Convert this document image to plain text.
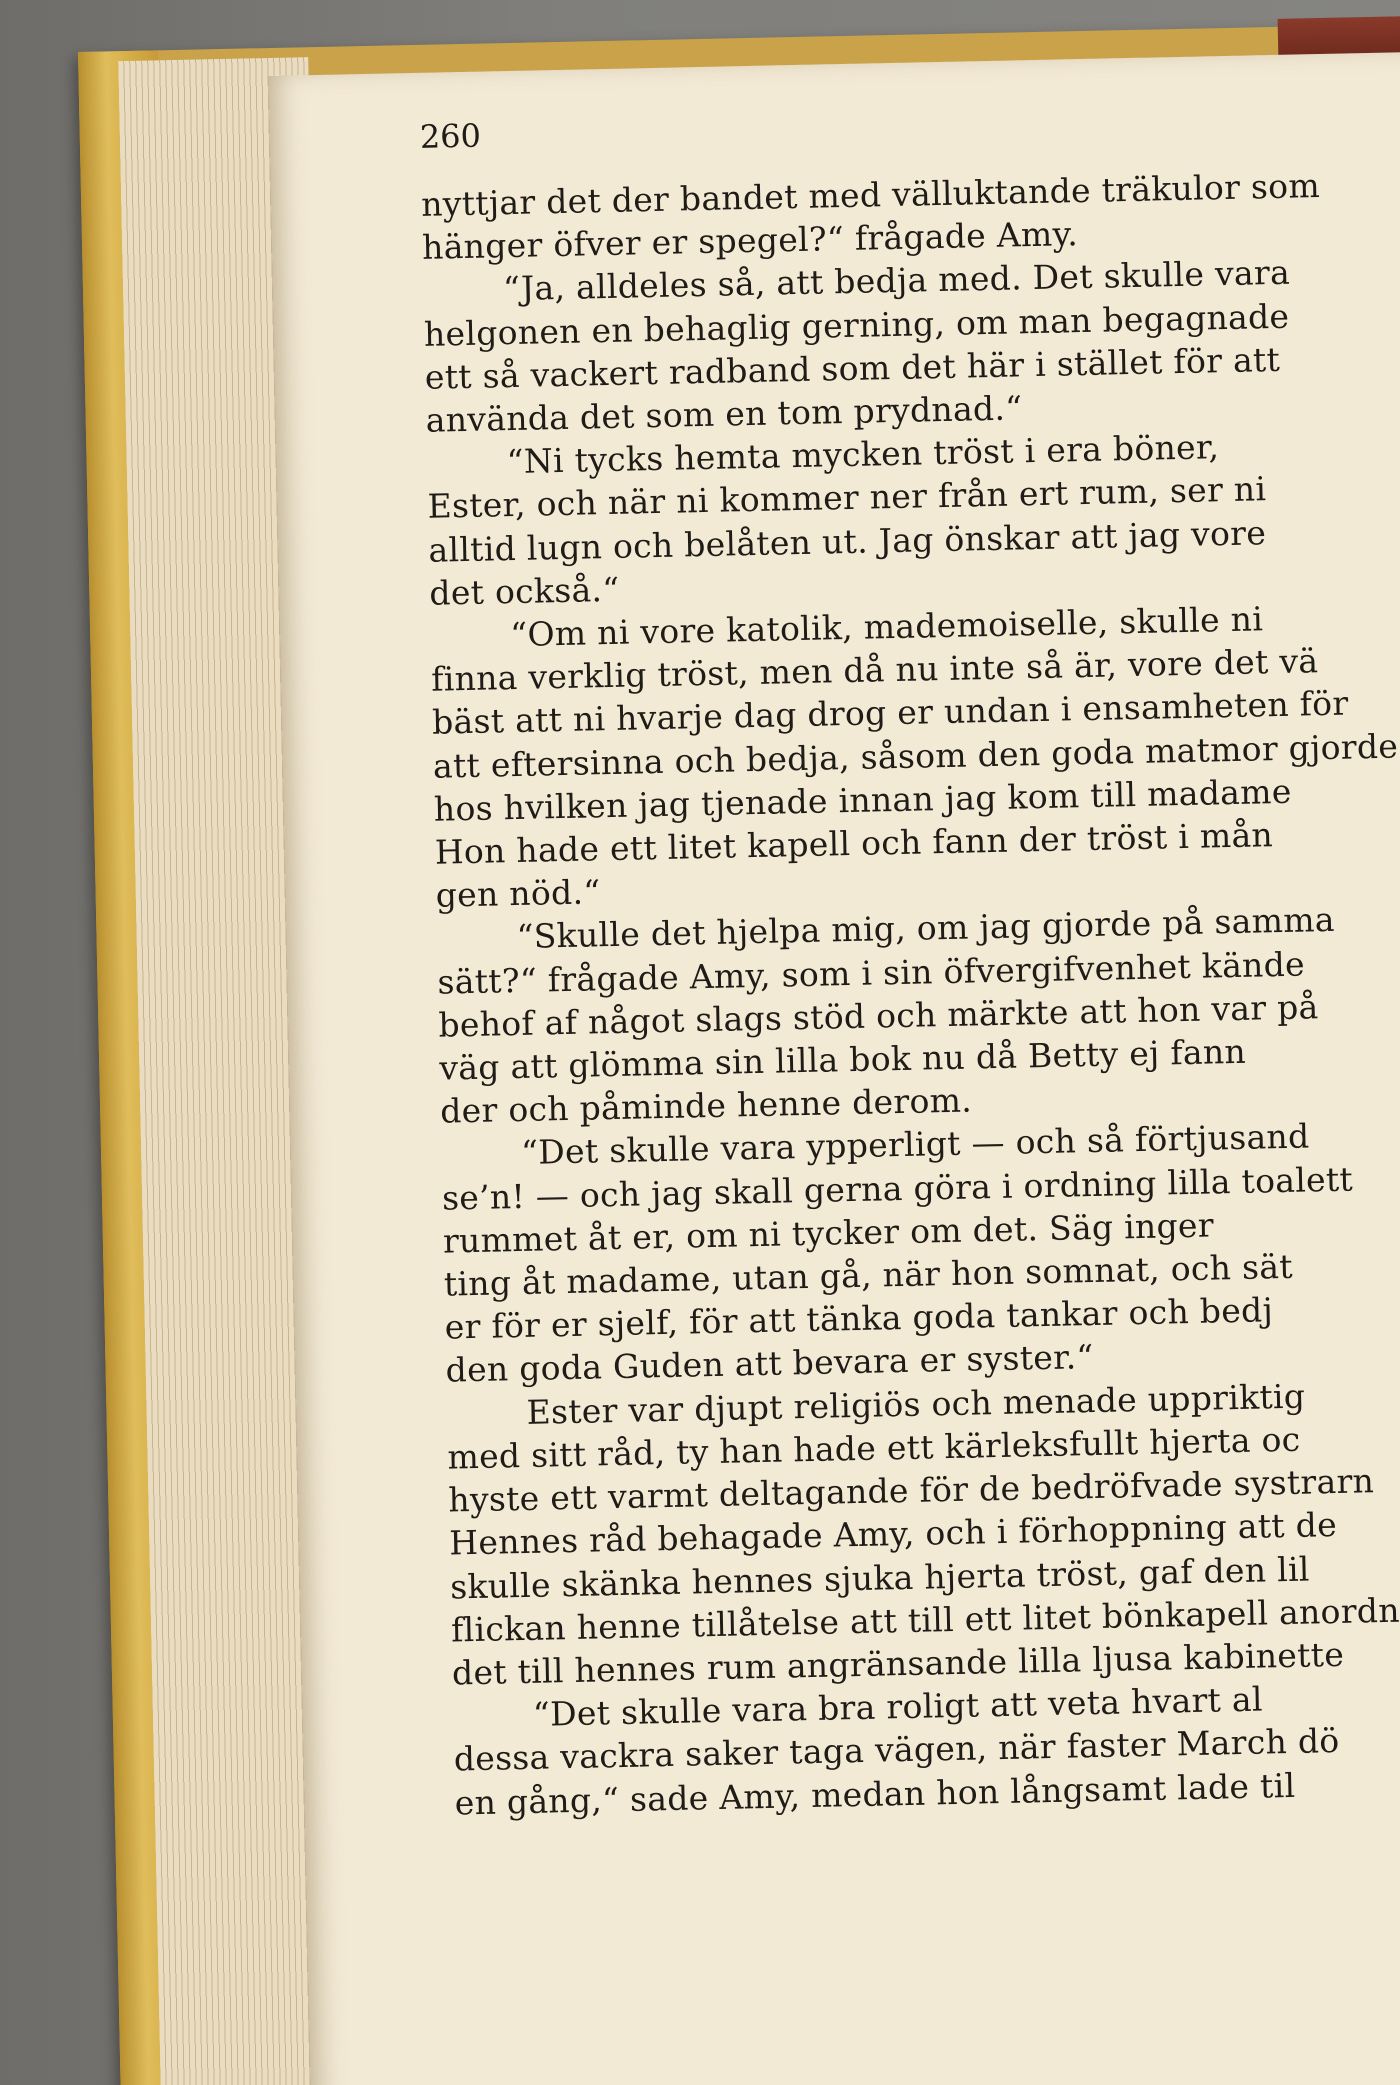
260

nyttjar det der bandet med välluktande träkulor som
hänger öfver er spegel?“ frågade Amy.
“Ja, alldeles så, att bedja med. Det skulle vara
helgonen en behaglig gerning, om man begagnade
ett så vackert radband som det här i stället för att
använda det som en tom prydnad.“
“Ni tycks hemta mycken tröst i era böner,
Ester, och när ni kommer ner från ert rum, ser ni
alltid lugn och belåten ut. Jag önskar att jag vore
det också.“
“Om ni vore katolik, mademoiselle, skulle ni
finna verklig tröst, men då nu inte så är, vore det vä
bäst att ni hvarje dag drog er undan i ensamheten för
att eftersinna och bedja, såsom den goda matmor gjorde
hos hvilken jag tjenade innan jag kom till madame
Hon hade ett litet kapell och fann der tröst i mån
gen nöd.“
“Skulle det hjelpa mig, om jag gjorde på samma
sätt?“ frågade Amy, som i sin öfvergifvenhet kände
behof af något slags stöd och märkte att hon var på
väg att glömma sin lilla bok nu då Betty ej fann
der och påminde henne derom.
“Det skulle vara ypperligt — och så förtjusand
se’n! — och jag skall gerna göra i ordning lilla toalett
rummet åt er, om ni tycker om det. Säg inger
ting åt madame, utan gå, när hon somnat, och sät
er för er sjelf, för att tänka goda tankar och bedj
den goda Guden att bevara er syster.“
Ester var djupt religiös och menade uppriktig
med sitt råd, ty han hade ett kärleksfullt hjerta oc
hyste ett varmt deltagande för de bedröfvade systrarn
Hennes råd behagade Amy, och i förhoppning att de
skulle skänka hennes sjuka hjerta tröst, gaf den lil
flickan henne tillåtelse att till ett litet bönkapell anordn
det till hennes rum angränsande lilla ljusa kabinette
“Det skulle vara bra roligt att veta hvart al
dessa vackra saker taga vägen, när faster March dö
en gång,“ sade Amy, medan hon långsamt lade til
